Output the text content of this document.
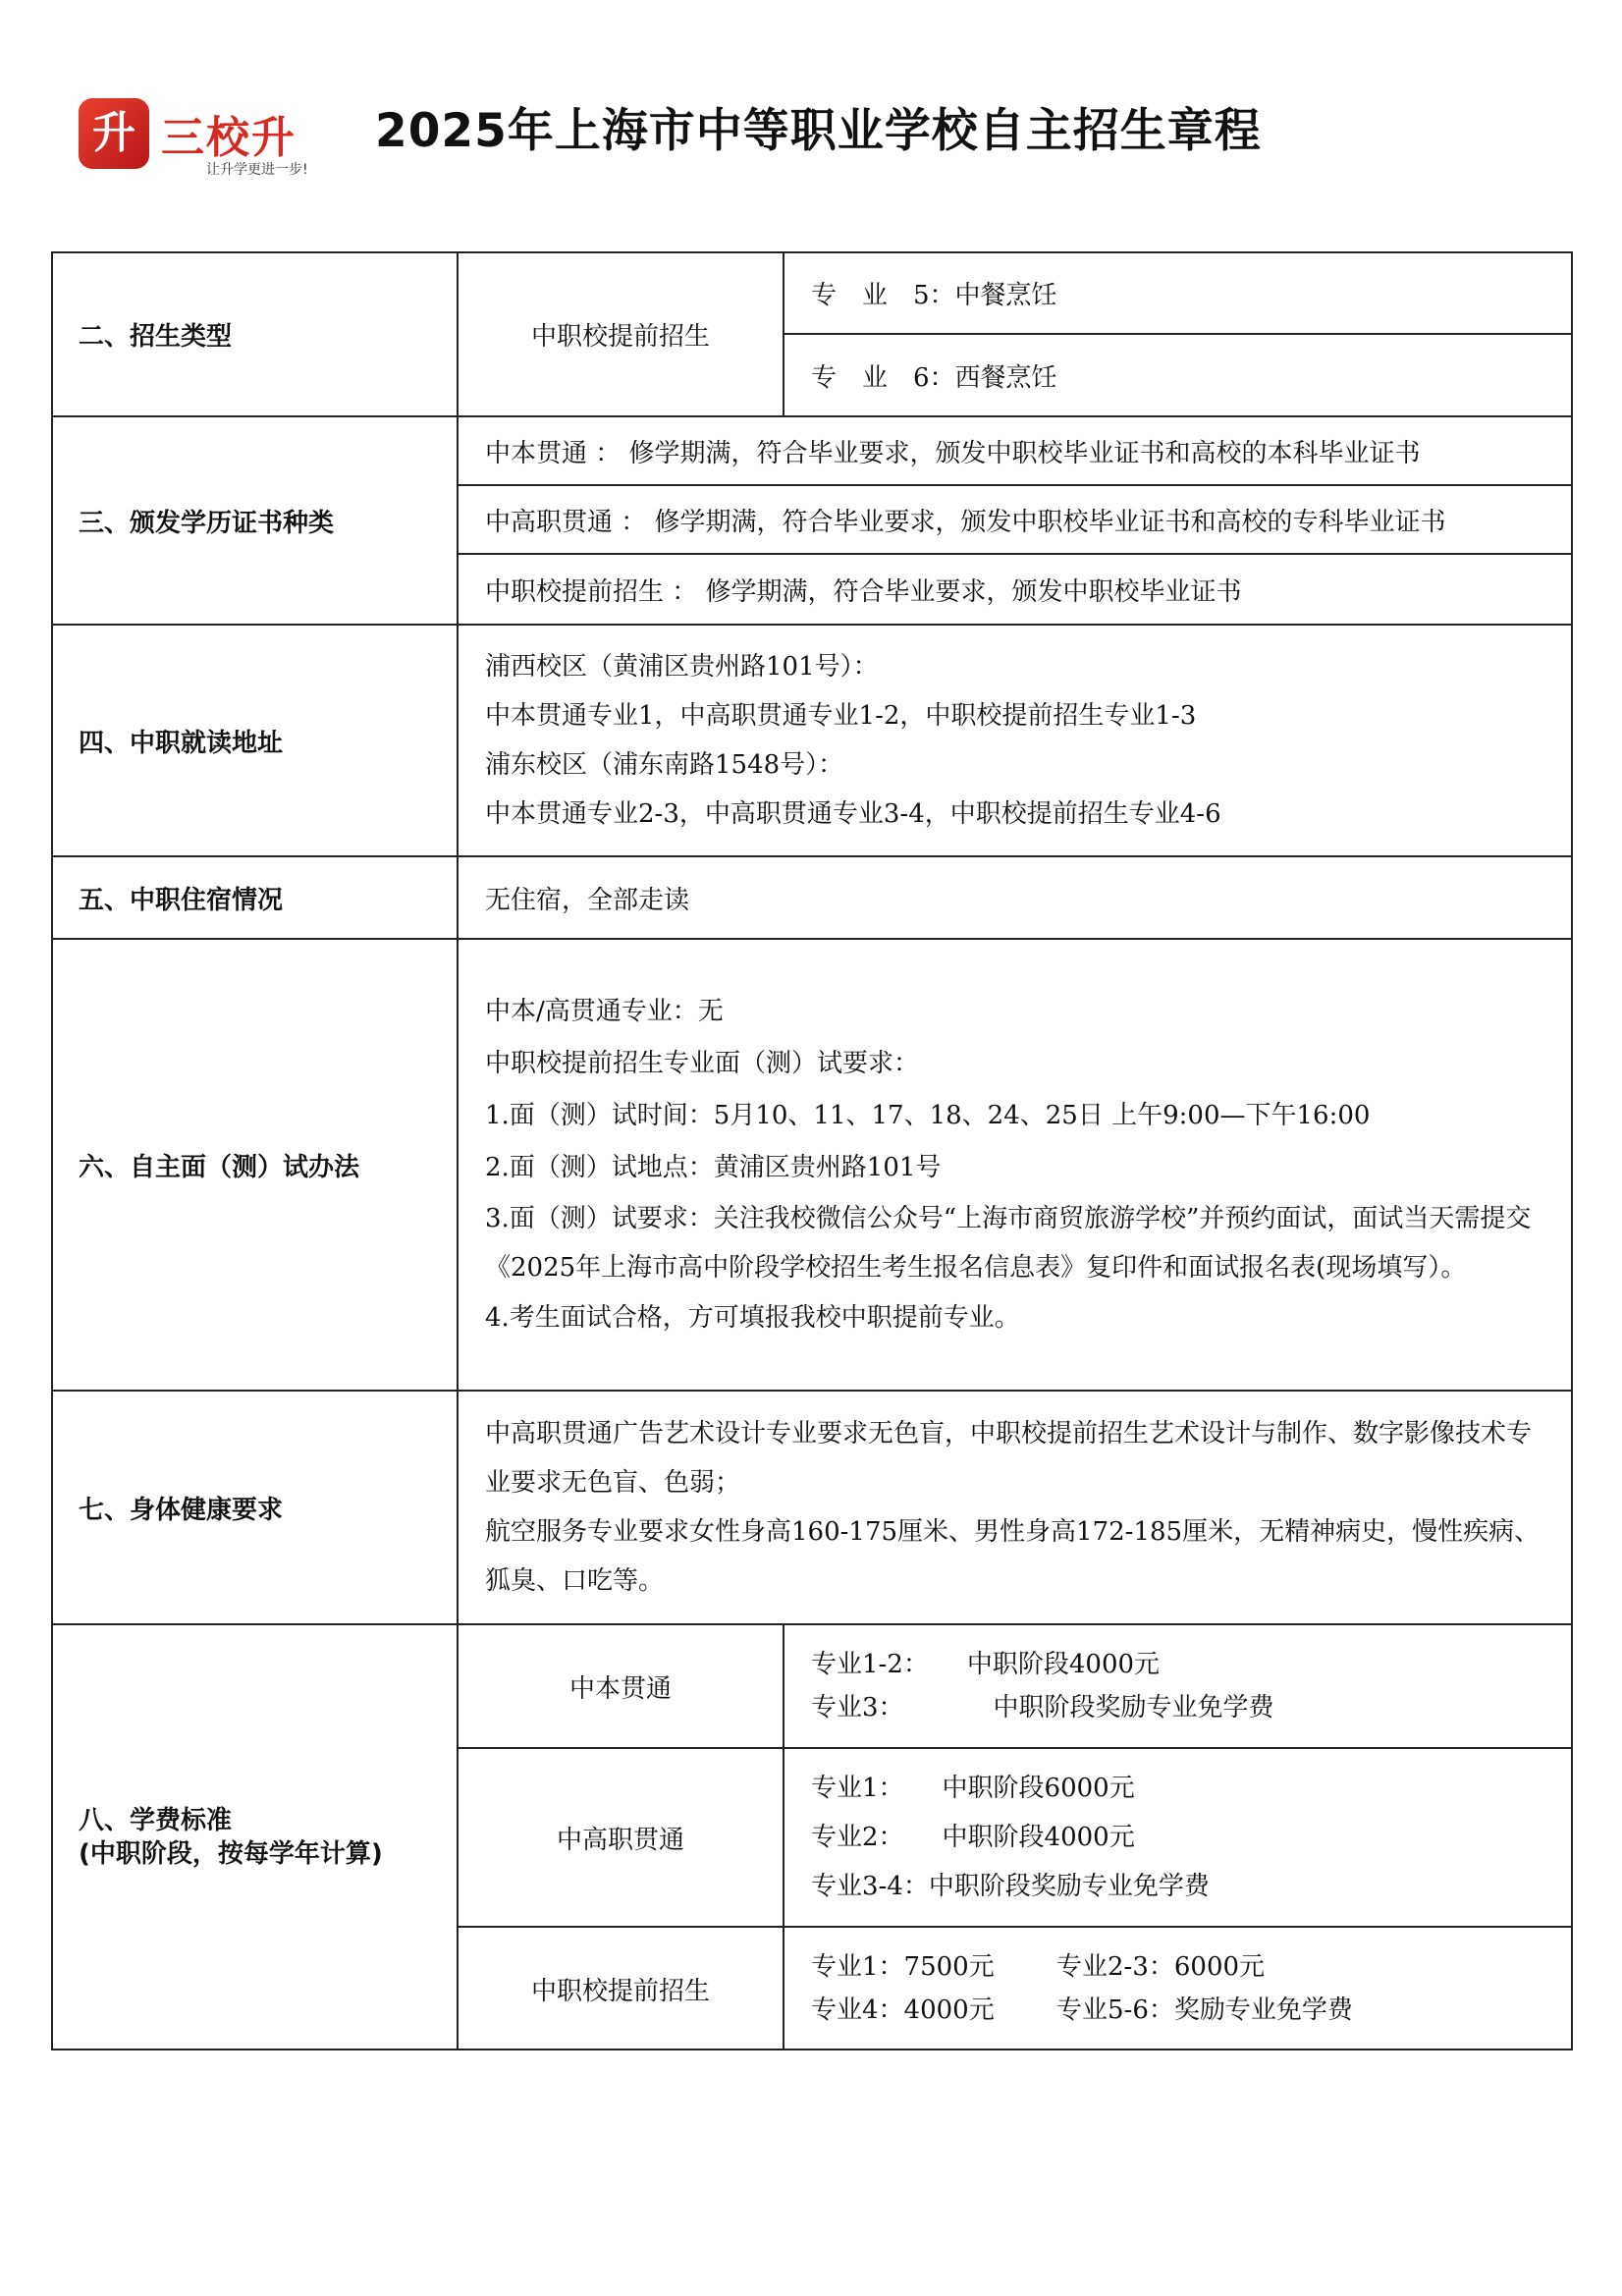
升 三校升
让升学更进一步!
2025年上海市中等职业学校自主招生章程
二、招生类型	中职校提前招生
专　业　5：中餐烹饪
专　业　6：西餐烹饪
三、颁发学历证书种类
中本贯通 ： 修学期满，符合毕业要求，颁发中职校毕业证书和高校的本科毕业证书
中高职贯通 ： 修学期满，符合毕业要求，颁发中职校毕业证书和高校的专科毕业证书
中职校提前招生 ： 修学期满，符合毕业要求，颁发中职校毕业证书
四、中职就读地址
浦西校区（黄浦区贵州路101号）：
中本贯通专业1，中高职贯通专业1-2，中职校提前招生专业1-3
浦东校区（浦东南路1548号）：
中本贯通专业2-3，中高职贯通专业3-4，中职校提前招生专业4-6
五、中职住宿情况	无住宿，全部走读
六、自主面（测）试办法
中本/高贯通专业：无
中职校提前招生专业面（测）试要求：
1.面（测）试时间：5月10、11、17、18、24、25日 上午9:00—下午16:00
2.面（测）试地点：黄浦区贵州路101号
3.面（测）试要求：关注我校微信公众号“上海市商贸旅游学校”并预约面试，面试当天需提交《2025年上海市高中阶段学校招生考生报名信息表》复印件和面试报名表(现场填写）。
4.考生面试合格，方可填报我校中职提前专业。
七、身体健康要求
中高职贯通广告艺术设计专业要求无色盲，中职校提前招生艺术设计与制作、数字影像技术专业要求无色盲、色弱；
航空服务专业要求女性身高160-175厘米、男性身高172-185厘米，无精神病史，慢性疾病、狐臭、口吃等。
八、学费标准
(中职阶段，按每学年计算)
中本贯通
专业1-2：　　中职阶段4000元
专业3：　　　　中职阶段奖励专业免学费
中高职贯通
专业1：　　中职阶段6000元
专业2：　　中职阶段4000元
专业3-4：中职阶段奖励专业免学费
中职校提前招生
专业1：7500元 专业2-3：6000元
专业4：4000元 专业5-6：奖励专业免学费
